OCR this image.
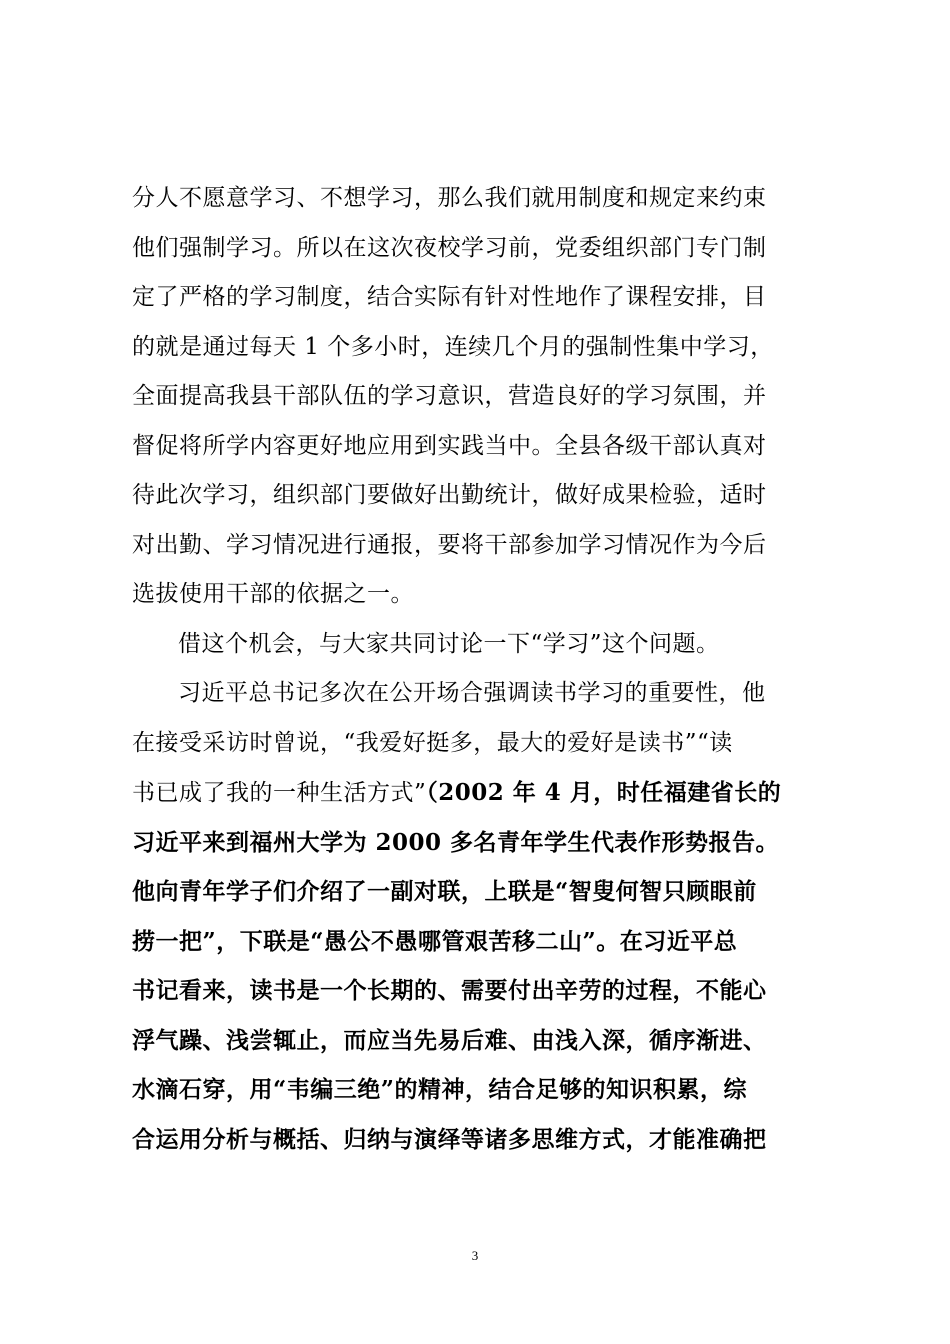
分人不愿意学习、不想学习，那么我们就用制度和规定来约束
他们强制学习。所以在这次夜校学习前，党委组织部门专门制
定了严格的学习制度，结合实际有针对性地作了课程安排，目
的就是通过每天 1 个多小时，连续几个月的强制性集中学习，
全面提高我县干部队伍的学习意识，营造良好的学习氛围，并
督促将所学内容更好地应用到实践当中。全县各级干部认真对
待此次学习，组织部门要做好出勤统计，做好成果检验，适时
对出勤、学习情况进行通报，要将干部参加学习情况作为今后
选拔使用干部的依据之一。
借这个机会，与大家共同讨论一下“学习”这个问题。
习近平总书记多次在公开场合强调读书学习的重要性，他
在接受采访时曾说，“我爱好挺多，最大的爱好是读书”“读
书已成了我的一种生活方式”（2002 年 4 月，时任福建省长的
习近平来到福州大学为 2000 多名青年学生代表作形势报告。
他向青年学子们介绍了一副对联，上联是“智叟何智只顾眼前
捞一把”，下联是“愚公不愚哪管艰苦移二山”。在习近平总
书记看来，读书是一个长期的、需要付出辛劳的过程，不能心
浮气躁、浅尝辄止，而应当先易后难、由浅入深，循序渐进、
水滴石穿，用“韦编三绝”的精神，结合足够的知识积累，综
合运用分析与概括、归纳与演绎等诸多思维方式，才能准确把
3
